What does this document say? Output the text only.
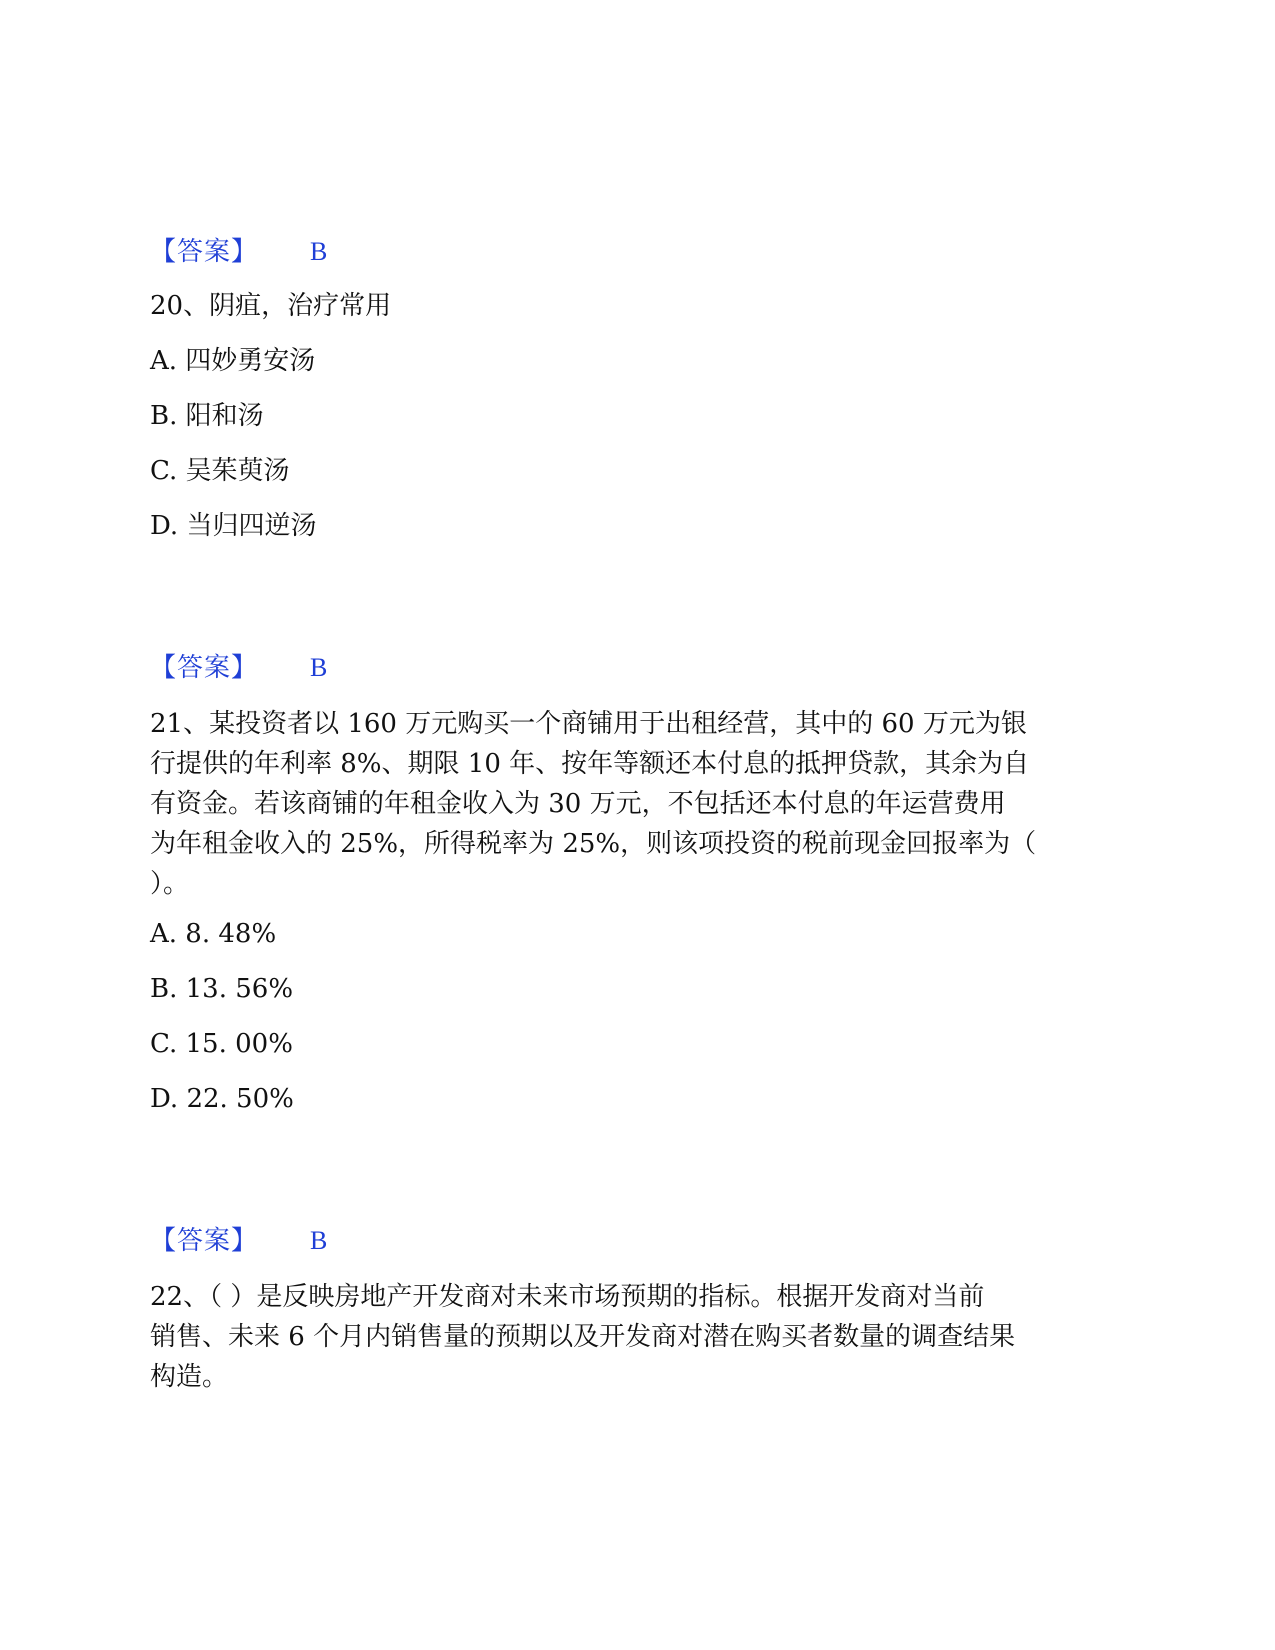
【答案】 B
20、阴疽，治疗常用
A. 四妙勇安汤
B. 阳和汤
C. 吴茱萸汤
D. 当归四逆汤
【答案】 B

21、某投资者以 160 万元购买一个商铺用于出租经营，其中的 60 万元为银

行提供的年利率 8%、期限 10 年、按年等额还本付息的抵押贷款，其余为自

有资金。若该商铺的年租金收入为 30 万元，不包括还本付息的年运营费用

为年租金收入的 25%，所得税率为 25%，则该项投资的税前现金回报率为（

）。

A. 8. 48%
B. 13. 56%
C. 15. 00%
D. 22. 50%
【答案】 B

22、（ ）是反映房地产开发商对未来市场预期的指标。根据开发商对当前

销售、未来 6 个月内销售量的预期以及开发商对潜在购买者数量的调查结果

构造。
